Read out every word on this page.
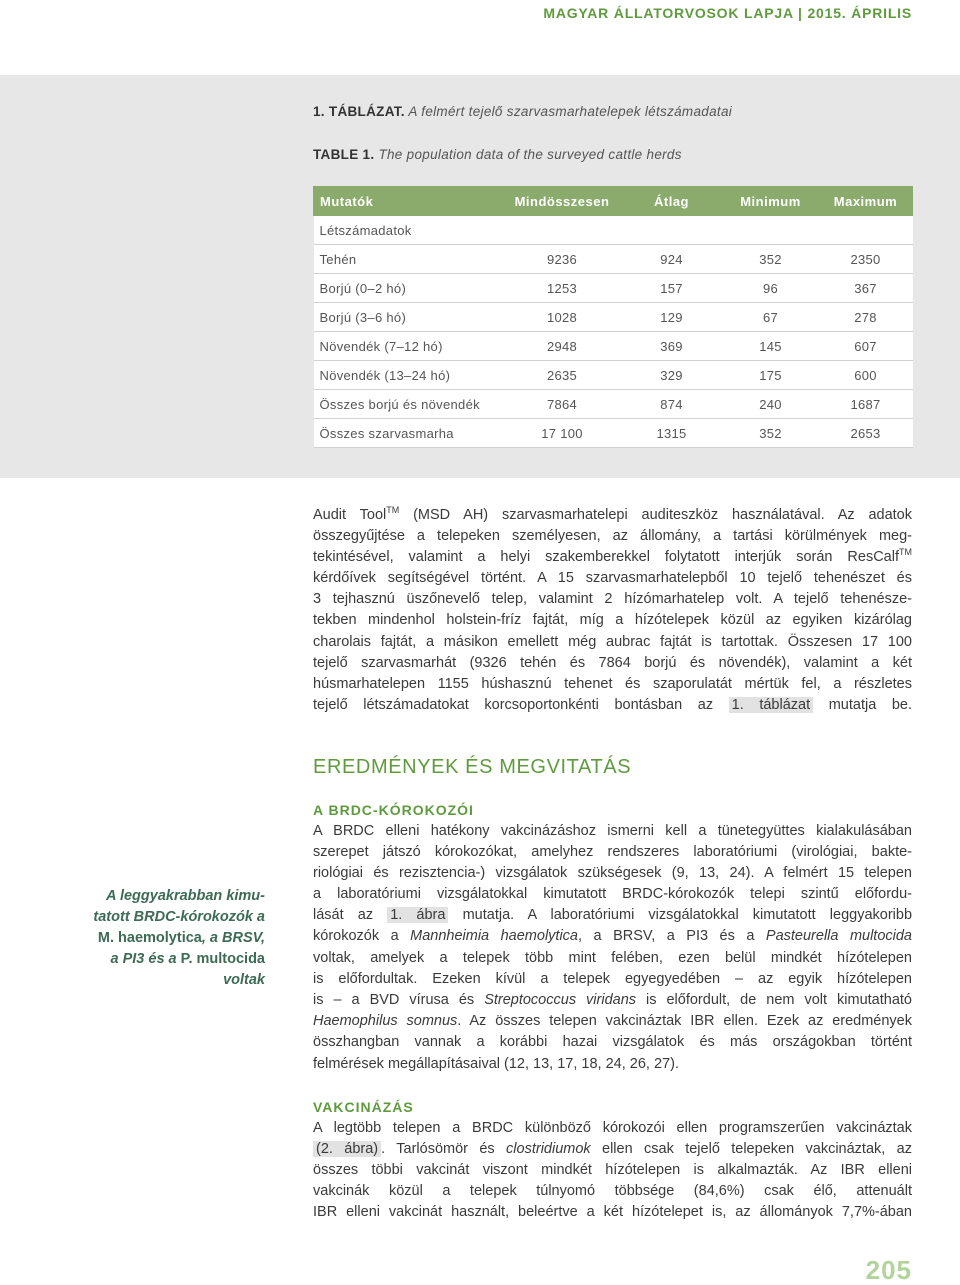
MAGYAR ÁLLATORVOSOK LAPJA | 2015. ÁPRILIS
1. TÁBLÁZAT. A felmért tejelő szarvasmarhatelepek létszámadatai
TABLE 1. The population data of the surveyed cattle herds
Mutatók	Mindösszesen	Átlag	Minimum	Maximum
Létszámadatok				
Tehén	9236	924	352	2350
Borjú (0–2 hó)	1253	157	96	367
Borjú (3–6 hó)	1028	129	67	278
Növendék (7–12 hó)	2948	369	145	607
Növendék (13–24 hó)	2635	329	175	600
Összes borjú és növendék	7864	874	240	1687
Összes szarvasmarha	17 100	1315	352	2653
Audit Tool™ (MSD AH) szarvasmarhatelepi auditeszköz használatával. Az adatok
összegyűjtése a telepeken személyesen, az állomány, a tartási körülmények meg-
tekintésével, valamint a helyi szakemberekkel folytatott interjúk során ResCalf™
kérdőívek segítségével történt. A 15 szarvasmarhatelepből 10 tejelő tehenészet és
3 tejhasznú üszőnevelő telep, valamint 2 hízómarhatelep volt. A tejelő tehenésze-
tekben mindenhol holstein-fríz fajtát, míg a hízótelepek közül az egyiken kizárólag
charolais fajtát, a másikon emellett még aubrac fajtát is tartottak. Összesen 17 100
tejelő szarvasmarhát (9326 tehén és 7864 borjú és növendék), valamint a két
húsmarhatelepen 1155 húshasznú tehenet és szaporulatát mértük fel, a részletes
tejelő létszámadatokat korcsoportonkénti bontásban az 1. táblázat mutatja be.
EREDMÉNYEK ÉS MEGVITATÁS
A BRDC-KÓROKOZÓI
A BRDC elleni hatékony vakcinázáshoz ismerni kell a tünetegyüttes kialakulásában
szerepet játszó kórokozókat, amelyhez rendszeres laboratóriumi (virológiai, bakte-
riológiai és rezisztencia-) vizsgálatok szükségesek (9, 13, 24). A felmért 15 telepen
a laboratóriumi vizsgálatokkal kimutatott BRDC-kórokozók telepi szintű előfordu-
lását az 1. ábra mutatja. A laboratóriumi vizsgálatokkal kimutatott leggyakoribb
kórokozók a Mannheimia haemolytica, a BRSV, a PI3 és a Pasteurella multocida
voltak, amelyek a telepek több mint felében, ezen belül mindkét hízótelepen
is előfordultak. Ezeken kívül a telepek egyegyedében – az egyik hízótelepen
is – a BVD vírusa és Streptococcus viridans is előfordult, de nem volt kimutatható
Haemophilus somnus. Az összes telepen vakcináztak IBR ellen. Ezek az eredmények
összhangban vannak a korábbi hazai vizsgálatok és más országokban történt
felmérések megállapításaival (12, 13, 17, 18, 24, 26, 27).
A leggyakrabban kimu-
tatott BRDC-kórokozók a
M. haemolytica, a BRSV,
a PI3 és a P. multocida
voltak
VAKCINÁZÁS
A legtöbb telepen a BRDC különböző kórokozói ellen programszerűen vakcináztak
(2. ábra) . Tarlósömör és clostridiumok ellen csak tejelő telepeken vakcináztak, az
összes többi vakcinát viszont mindkét hízótelepen is alkalmazták. Az IBR elleni
vakcinák közül a telepek túlnyomó többsége (84,6%) csak élő, attenuált
IBR elleni vakcinát használt, beleértve a két hízótelepet is, az állományok 7,7%-ában
205
